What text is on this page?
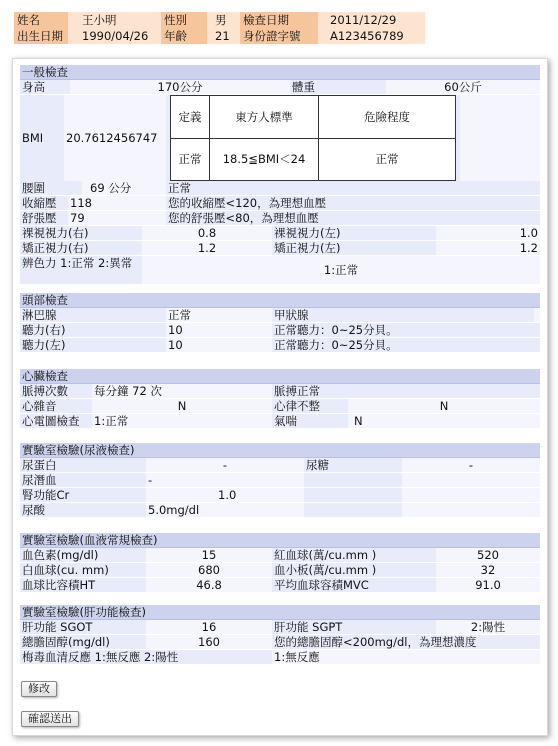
姓名	王小明	性別	男	檢查日期	2011/12/29
出生日期	1990/04/26	年齡	21	身份證字號	A123456789
一般檢查
身高	170公分	體重	60公斤
BMI	20.7612456747
定義	東方人標準	危險程度
正常	18.5≦BMI＜24	正常
腰圍	69 公分	正常
收縮壓	118	您的收縮壓<120，為理想血壓
舒張壓	79	您的舒張壓<80，為理想血壓
裸視視力(右)	0.8	裸視視力(左)	1.0
矯正視力(右)	1.2	矯正視力(左)	1.2
辨色力 1:正常 2:異常	1:正常
頭部檢查
淋巴腺	正常	甲狀腺
聽力(右)	10	正常聽力：0~25分貝。
聽力(左)	10	正常聽力：0~25分貝。
心臟檢查
脈搏次數	每分鐘 72 次	脈搏正常
心雜音	N	心律不整	N
心電圖檢查	1:正常	氣喘	N
實驗室檢驗(尿液檢查)
尿蛋白	-	尿糖	-
尿潛血	-
腎功能Cr	1.0
尿酸	5.0mg/dl
實驗室檢驗(血液常規檢查)
血色素(mg/dl)	15	紅血球(萬/cu.mm )	520
白血球(cu. mm)	680	血小板(萬/cu.mm )	32
血球比容積HT	46.8	平均血球容積MVC	91.0
實驗室檢驗(肝功能檢查)
肝功能 SGOT	16	肝功能 SGPT	2:陽性
總膽固醇(mg/dl)	160	您的總膽固醇<200mg/dl，為理想濃度
梅毒血清反應 1:無反應 2:陽性	1:無反應
修改
確認送出
